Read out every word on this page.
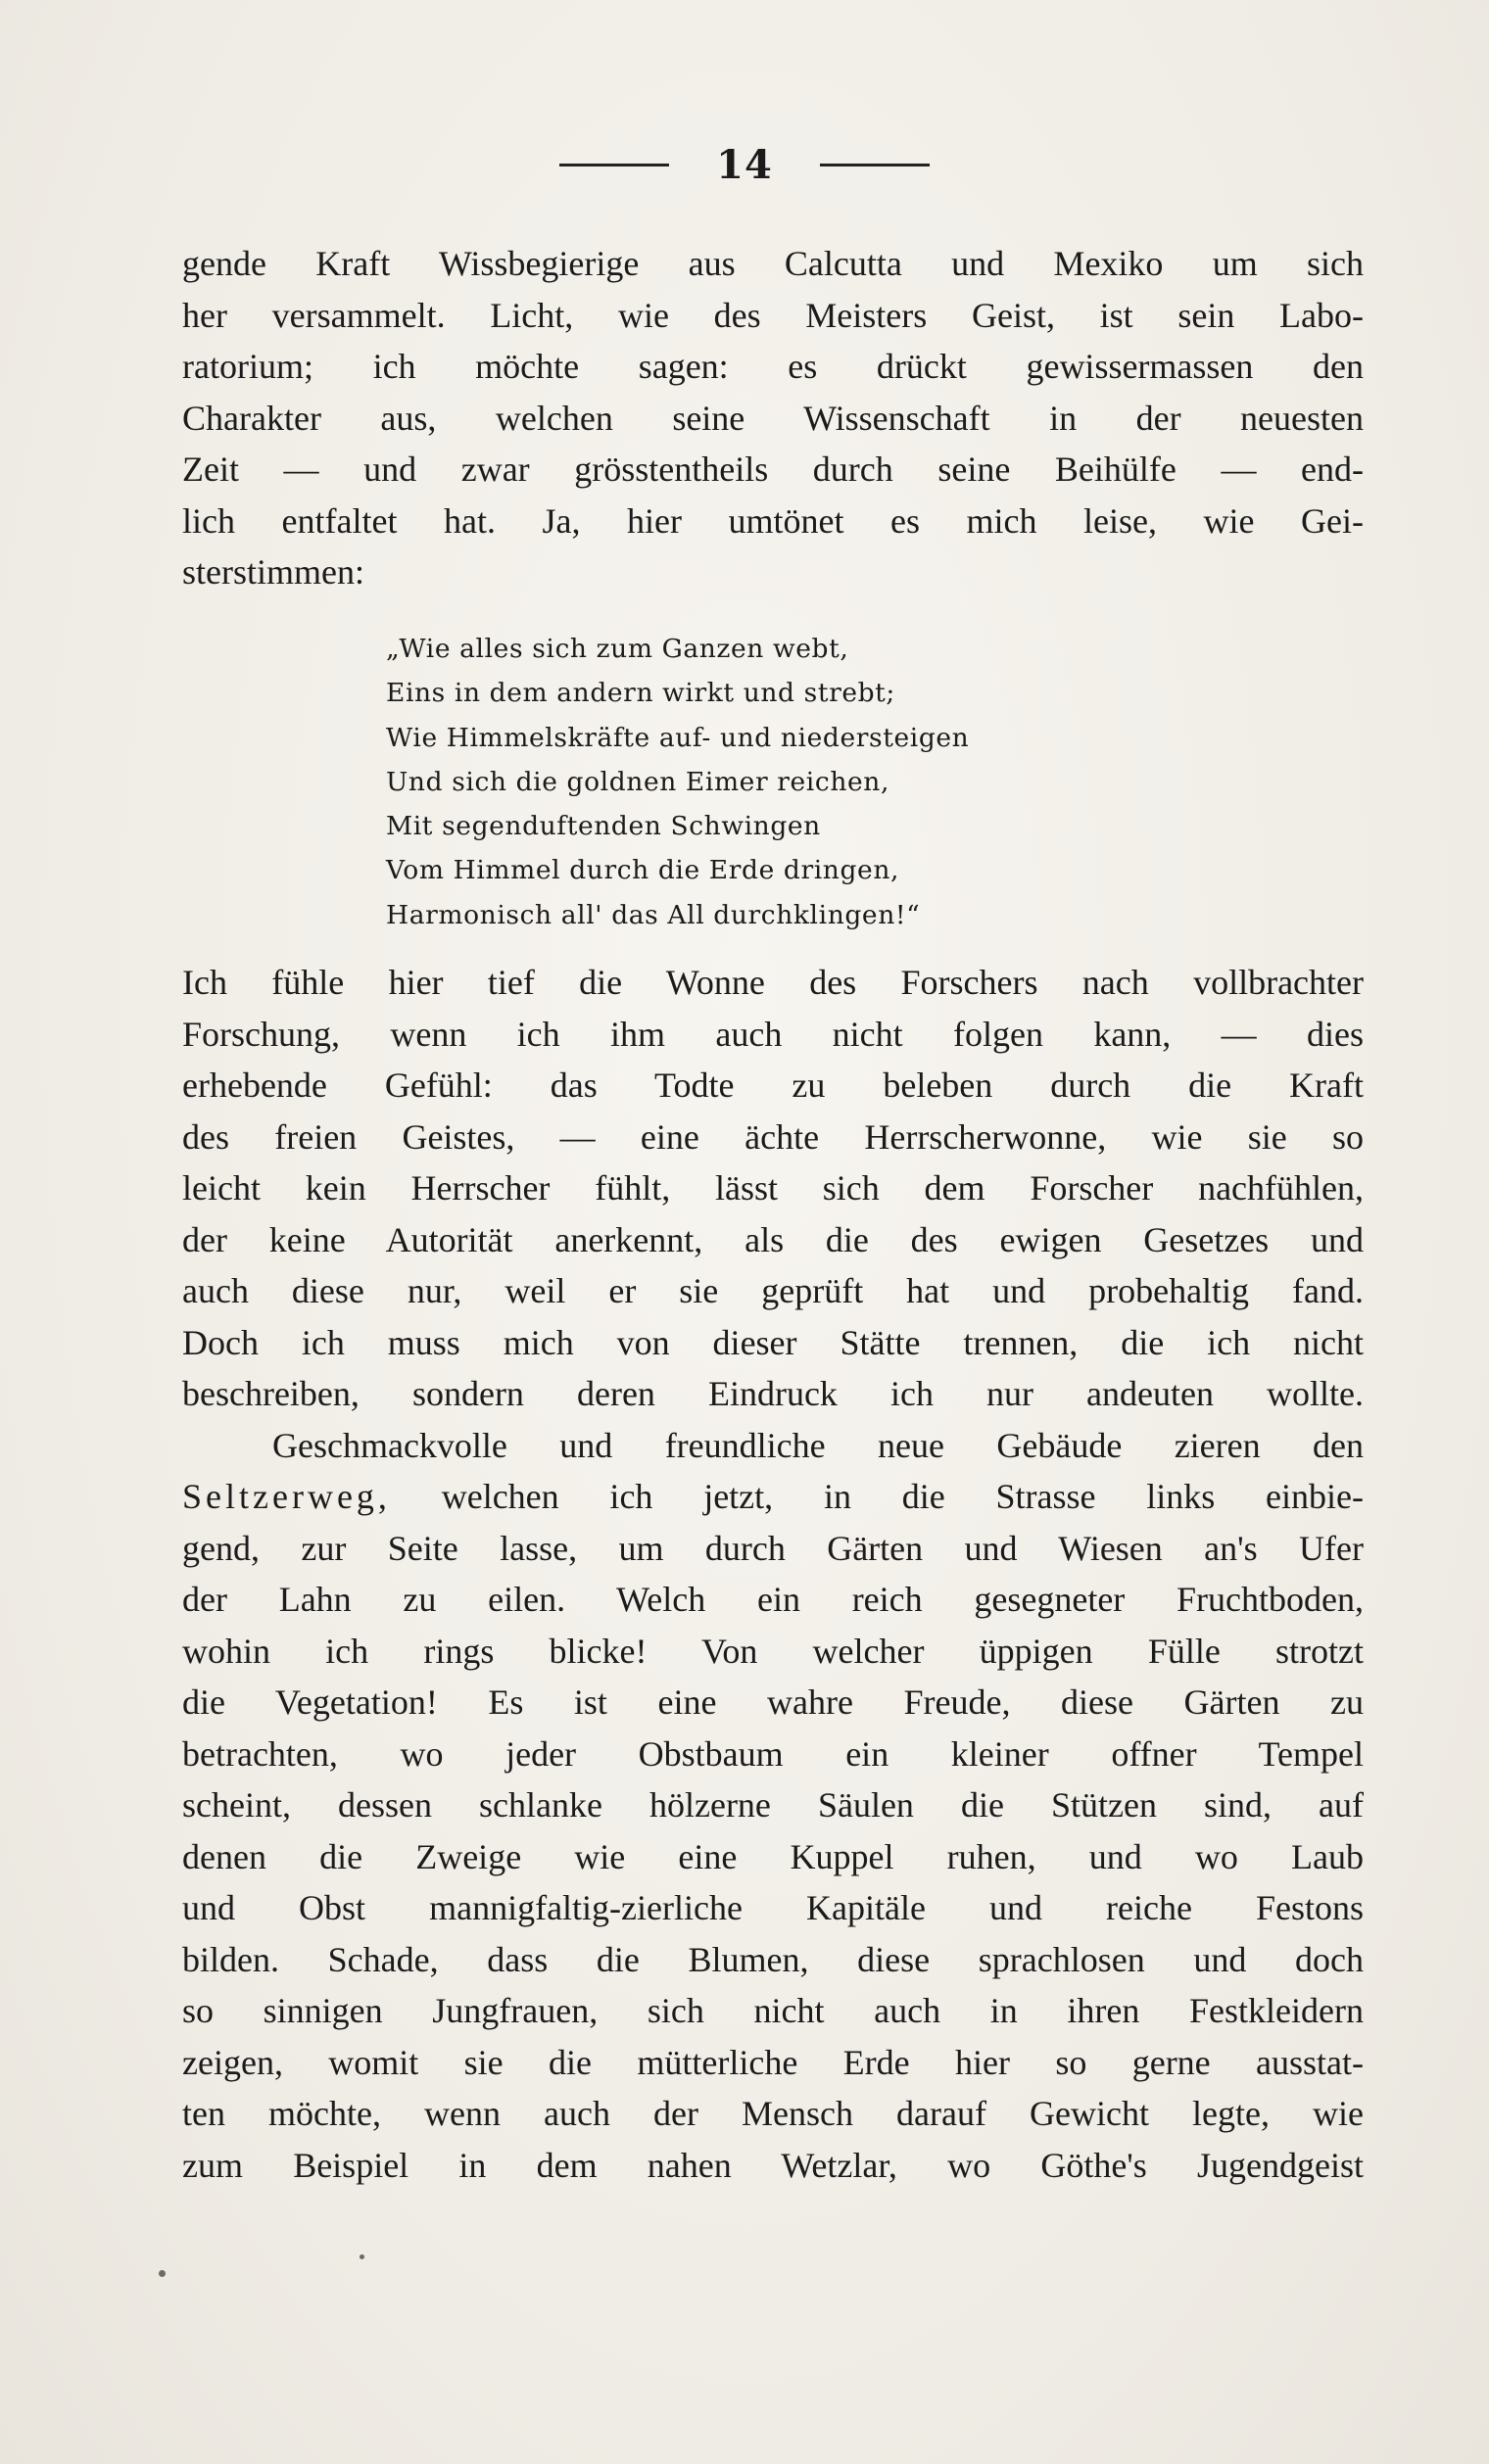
14
gende Kraft Wissbegierige aus Calcutta und Mexiko um sich
her versammelt. Licht, wie des Meisters Geist, ist sein Labo-
ratorium; ich möchte sagen: es drückt gewissermassen den
Charakter aus, welchen seine Wissenschaft in der neuesten
Zeit — und zwar grösstentheils durch seine Beihülfe — end-
lich entfaltet hat. Ja, hier umtönet es mich leise, wie Gei-
sterstimmen:
„Wie alles sich zum Ganzen webt,
Eins in dem andern wirkt und strebt;
Wie Himmelskräfte auf- und niedersteigen
Und sich die goldnen Eimer reichen,
Mit segenduftenden Schwingen
Vom Himmel durch die Erde dringen,
Harmonisch all' das All durchklingen!“
Ich fühle hier tief die Wonne des Forschers nach vollbrachter
Forschung, wenn ich ihm auch nicht folgen kann, — dies
erhebende Gefühl: das Todte zu beleben durch die Kraft
des freien Geistes, — eine ächte Herrscherwonne, wie sie so
leicht kein Herrscher fühlt, lässt sich dem Forscher nachfühlen,
der keine Autorität anerkennt, als die des ewigen Gesetzes und
auch diese nur, weil er sie geprüft hat und probehaltig fand.
Doch ich muss mich von dieser Stätte trennen, die ich nicht
beschreiben, sondern deren Eindruck ich nur andeuten wollte.
Geschmackvolle und freundliche neue Gebäude zieren den
Seltzerweg, welchen ich jetzt, in die Strasse links einbie-
gend, zur Seite lasse, um durch Gärten und Wiesen an's Ufer
der Lahn zu eilen. Welch ein reich gesegneter Fruchtboden,
wohin ich rings blicke! Von welcher üppigen Fülle strotzt
die Vegetation! Es ist eine wahre Freude, diese Gärten zu
betrachten, wo jeder Obstbaum ein kleiner offner Tempel
scheint, dessen schlanke hölzerne Säulen die Stützen sind, auf
denen die Zweige wie eine Kuppel ruhen, und wo Laub
und Obst mannigfaltig-zierliche Kapitäle und reiche Festons
bilden. Schade, dass die Blumen, diese sprachlosen und doch
so sinnigen Jungfrauen, sich nicht auch in ihren Festkleidern
zeigen, womit sie die mütterliche Erde hier so gerne ausstat-
ten möchte, wenn auch der Mensch darauf Gewicht legte, wie
zum Beispiel in dem nahen Wetzlar, wo Göthe's Jugendgeist
